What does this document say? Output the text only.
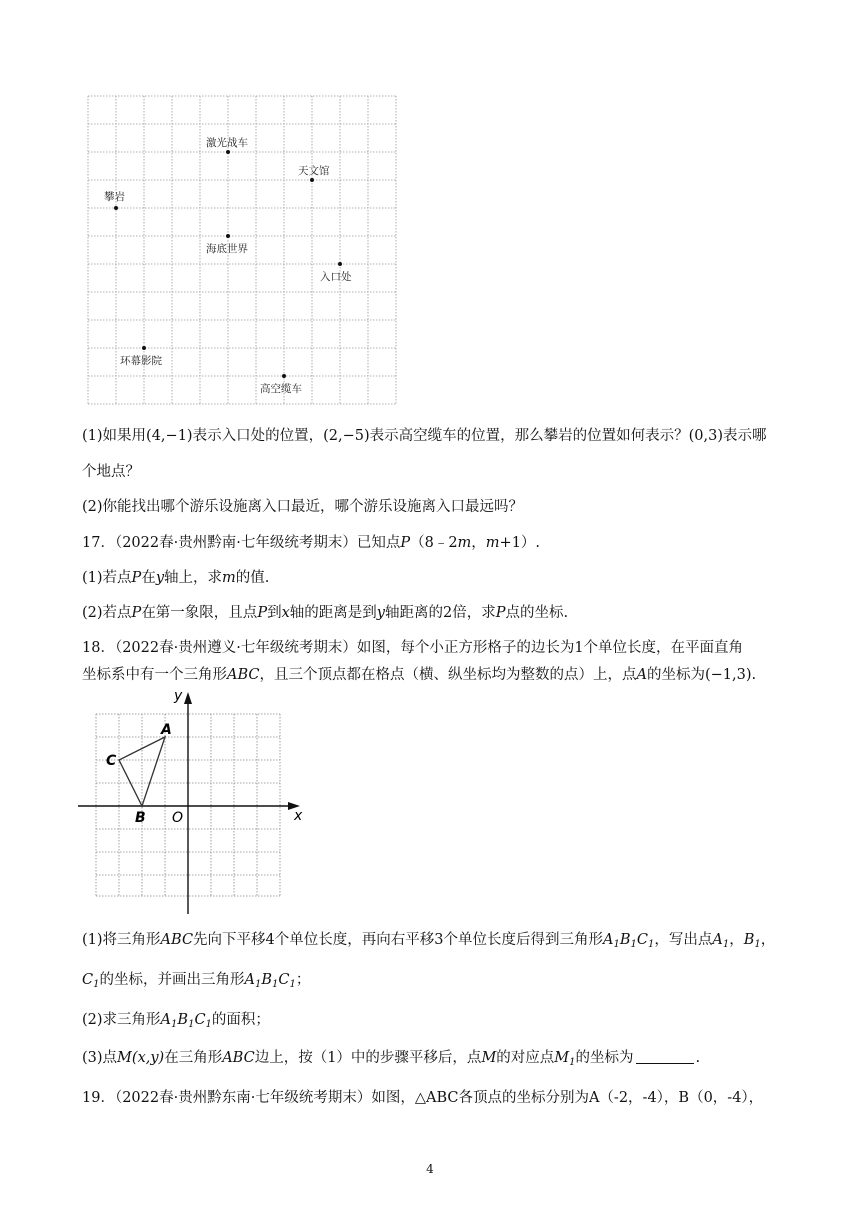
激光战车
天文馆
攀岩
海底世界
入口处
环幕影院
高空缆车
(1)如果用(4,−1)表示入口处的位置，(2,−5)表示高空缆车的位置，那么攀岩的位置如何表示？(0,3)表示哪
个地点？
(2)你能找出哪个游乐设施离入口最近，哪个游乐设施离入口最远吗？
17．（2022春·贵州黔南·七年级统考期末）已知点P（8﹣2m，m+1）.
(1)若点P在y轴上，求m的值.
(2)若点P在第一象限，且点P到x轴的距离是到y轴距离的2倍，求P点的坐标.
18．（2022春·贵州遵义·七年级统考期末）如图，每个小正方形格子的边长为1个单位长度，在平面直角
坐标系中有一个三角形ABC，且三个顶点都在格点（横、纵坐标均为整数的点）上，点A的坐标为(−1,3).
y
x
O
A
C
B
(1)将三角形ABC先向下平移4个单位长度，再向右平移3个单位长度后得到三角形$A_1B_1C_1$，写出点$A_1$，$B_1$，
$C_1$的坐标，并画出三角形$A_1B_1C_1$；
(2)求三角形$A_1B_1C_1$的面积；
(3)点M(x,y)在三角形ABC边上，按（1）中的步骤平移后，点M的对应点$M_1$的坐标为	.
19．（2022春·贵州黔东南·七年级统考期末）如图，△ABC各顶点的坐标分别为A（-2，-4），B（0，-4），
4
